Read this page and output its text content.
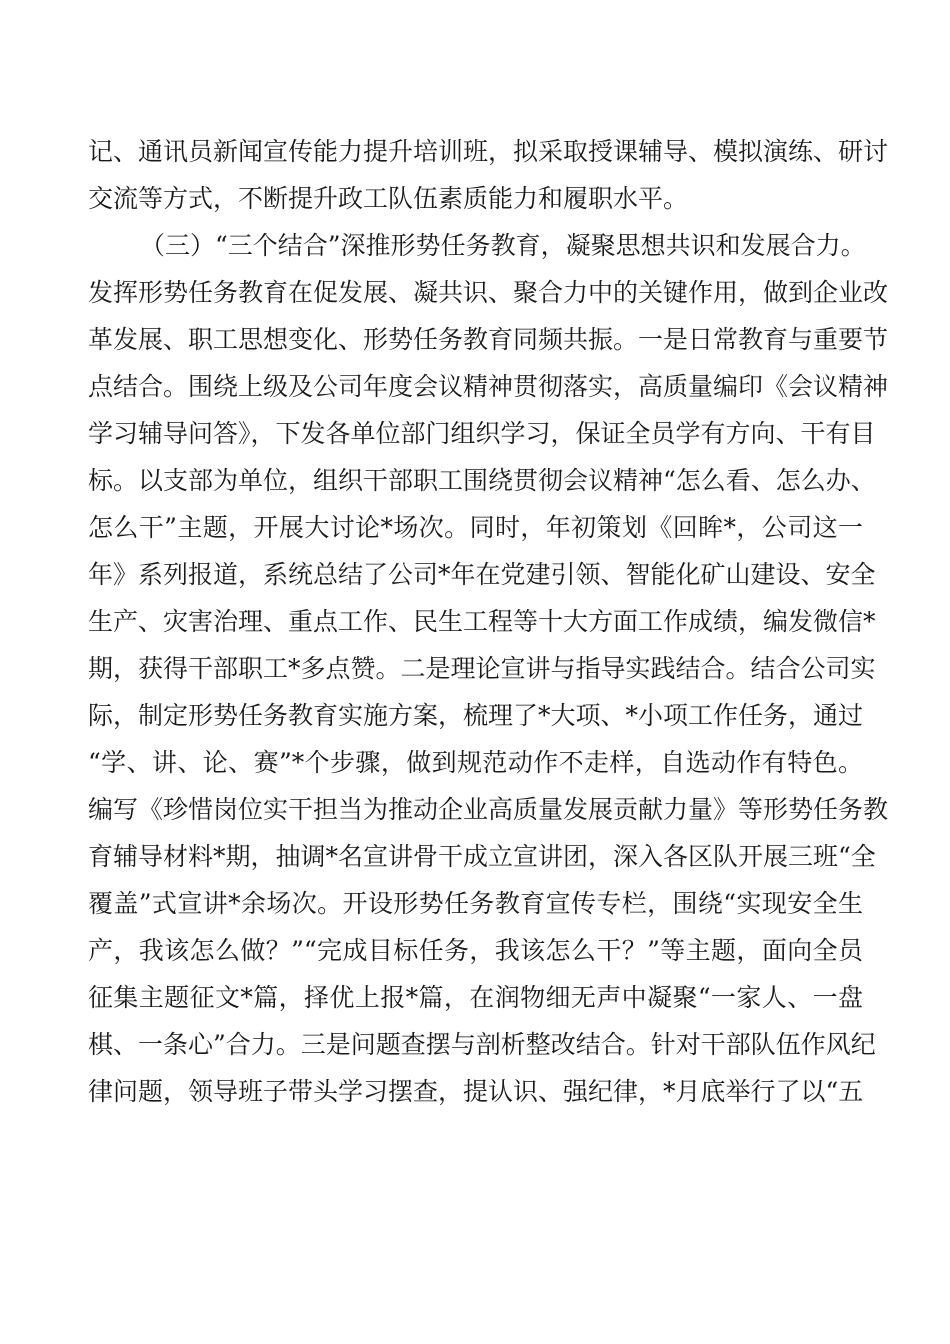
记、通讯员新闻宣传能力提升培训班，拟采取授课辅导、模拟演练、研讨
交流等方式，不断提升政工队伍素质能力和履职水平。
（三）“三个结合”深推形势任务教育，凝聚思想共识和发展合力。
发挥形势任务教育在促发展、凝共识、聚合力中的关键作用，做到企业改
革发展、职工思想变化、形势任务教育同频共振。一是日常教育与重要节
点结合。围绕上级及公司年度会议精神贯彻落实，高质量编印《会议精神
学习辅导问答》，下发各单位部门组织学习，保证全员学有方向、干有目
标。以支部为单位，组织干部职工围绕贯彻会议精神“怎么看、怎么办、
怎么干”主题，开展大讨论*场次。同时，年初策划《回眸*，公司这一
年》系列报道，系统总结了公司*年在党建引领、智能化矿山建设、安全
生产、灾害治理、重点工作、民生工程等十大方面工作成绩，编发微信*
期，获得干部职工*多点赞。二是理论宣讲与指导实践结合。结合公司实
际，制定形势任务教育实施方案，梳理了*大项、*小项工作任务，通过
“学、讲、论、赛”*个步骤，做到规范动作不走样，自选动作有特色。
编写《珍惜岗位实干担当为推动企业高质量发展贡献力量》等形势任务教
育辅导材料*期，抽调*名宣讲骨干成立宣讲团，深入各区队开展三班“全
覆盖”式宣讲*余场次。开设形势任务教育宣传专栏，围绕“实现安全生
产，我该怎么做？”“完成目标任务，我该怎么干？”等主题，面向全员
征集主题征文*篇，择优上报*篇，在润物细无声中凝聚“一家人、一盘
棋、一条心”合力。三是问题查摆与剖析整改结合。针对干部队伍作风纪
律问题，领导班子带头学习摆查，提认识、强纪律，*月底举行了以“五
